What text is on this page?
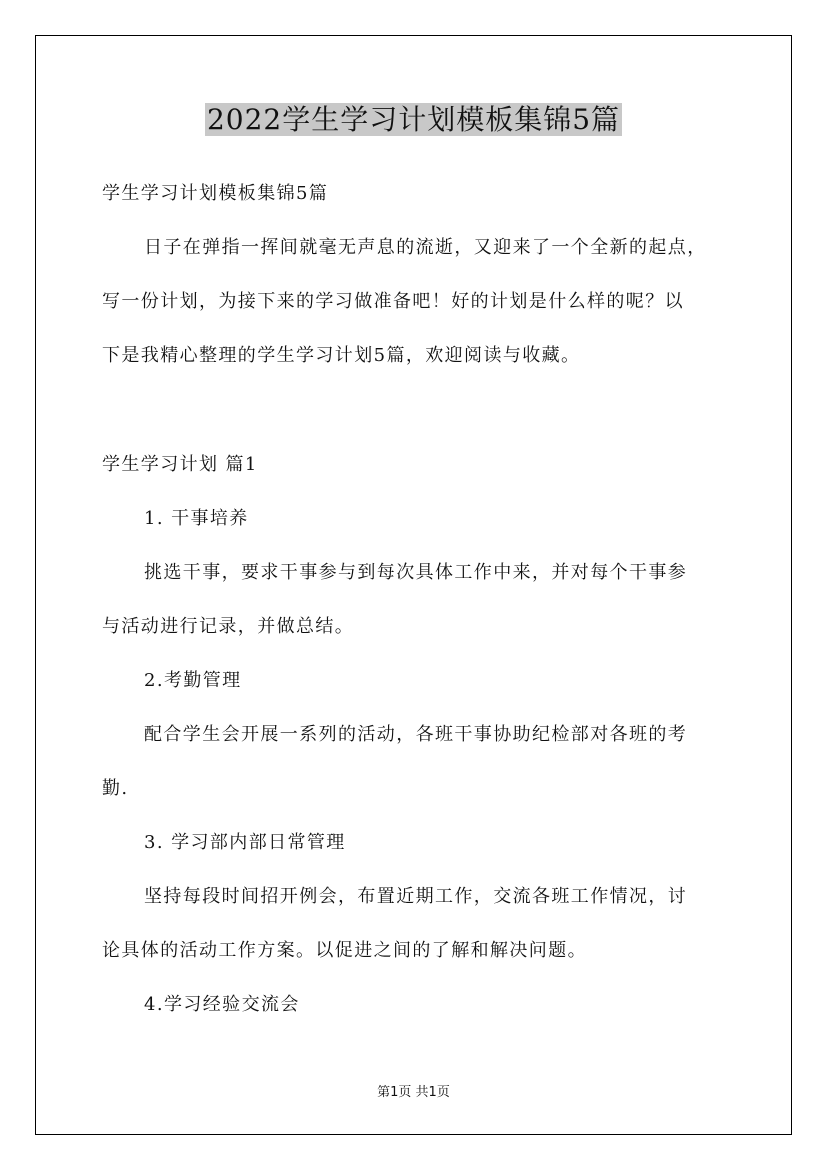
2022学生学习计划模板集锦5篇

学生学习计划模板集锦5篇

日子在弹指一挥间就毫无声息的流逝，又迎来了一个全新的起点，

写一份计划，为接下来的学习做准备吧！好的计划是什么样的呢？以

下是我精心整理的学生学习计划5篇，欢迎阅读与收藏。

学生学习计划 篇1

1. 干事培养

挑选干事，要求干事参与到每次具体工作中来，并对每个干事参

与活动进行记录，并做总结。

2.考勤管理

配合学生会开展一系列的活动，各班干事协助纪检部对各班的考

勤.

3. 学习部内部日常管理

坚持每段时间招开例会，布置近期工作，交流各班工作情况，讨

论具体的活动工作方案。以促进之间的了解和解决问题。

4.学习经验交流会

第1页 共1页
